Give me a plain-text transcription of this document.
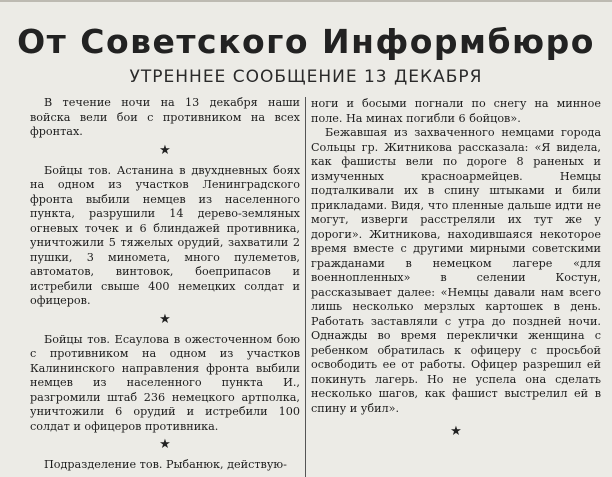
От Советского Информбюро
УТРЕННЕЕ СООБЩЕНИЕ 13 ДЕКАБРЯ

В течение ночи на 13 декабря наши войска вели бои с противником на всех фронтах.

★

Бойцы тов. Астанина в двухдневных боях на одном из участков Ленинградского фронта выбили немцев из населенного пункта, разрушили 14 дерево-земляных огневых точек и 6 блиндажей противника, уничтожили 5 тяжелых орудий, захватили 2 пушки, 3 миномета, много пулеметов, автоматов, винтовок, боеприпасов и истребили свыше 400 немецких солдат и офицеров.

★

Бойцы тов. Есаулова в ожесточенном бою с противником на одном из участков Калининского направления фронта выбили немцев из населенного пункта И., разгромили штаб 236 немецкого артполка, уничтожили 6 орудий и истребили 100 солдат и офицеров противника.

★

Подразделение тов. Рыбанюк, действую-

ноги и босыми погнали по снегу на минное поле. На минах погибли 6 бойцов».

Бежавшая из захваченного немцами города Сольцы гр. Житникова рассказала: «Я видела, как фашисты вели по дороге 8 раненых и измученных красноармейцев. Немцы подталкивали их в спину штыками и били прикладами. Видя, что пленные дальше идти не могут, изверги расстреляли их тут же у дороги». Житникова, находившаяся некоторое время вместе с другими мирными советскими гражданами в немецком лагере «для военнопленных» в селении Костун, рассказывает далее: «Немцы давали нам всего лишь несколько мерзлых картошек в день. Работать заставляли с утра до поздней ночи. Однажды во время переклички женщина с ребенком обратилась к офицеру с просьбой освободить ее от работы. Офицер разрешил ей покинуть лагерь. Но не успела она сделать несколько шагов, как фашист выстрелил ей в спину и убил».

★
